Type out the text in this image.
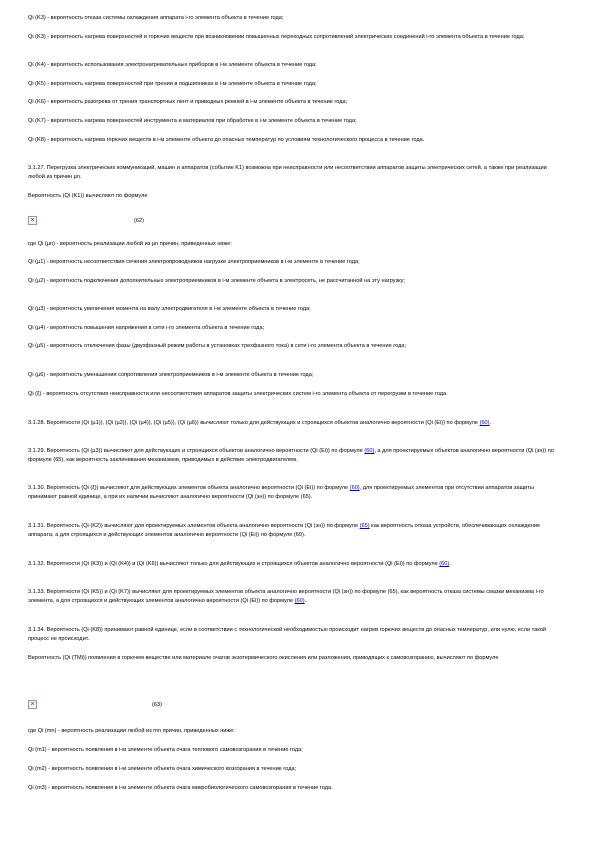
Qi (K3) - вероятность отказа системы охлаждения аппарата i-го элемента объекта в течение года;

Qi (K3) - вероятность нагрева поверхностей и горючих веществ при возникновении повышенных переходных сопротивлений электрических соединений i-го элемента объекта в течение года;

Qi (K4) - вероятность использования электронагревательных приборов в i-м элементе объекта в течение года;

Qi (K5) - вероятность нагрева поверхностей при трении в подшипниках в i-м элементе объекта в течение года;

Qi (K6) - вероятность разогрева от трения транспортных лент и приводных ремней в i-м элементе объекта в течение года;

Qi (K7) - вероятность нагрева поверхностей инструмента и материалов при обработке в i-м элементе объекта в течение года;

Qi (K8) - вероятность нагрева горючих веществ в i-м элементе объекта до опасных температур по условиям технологического процесса в течение года.

3.1.27. Перегрузка электрических коммуникаций, машин и аппаратов (событие K1) возможна при неисправности или несоответствии аппаратов защиты электрических сетей, а также при реализации любой из причин µn.

Вероятность (Qi (K1)) вычисляют по формуле

×	(62)

где Qi (µn) - вероятность реализации любой из µn причин, приведенных ниже:

Qi (µ1) - вероятность несоответствия сечения электропроводников нагрузке электроприемников в i-м элементе в течение года;

Qi (µ2) - вероятность подключения дополнительных электроприемников в i-м элементе объекта в электросеть, не рассчитанной на эту нагрузку;

Qi (µ3) - вероятность увеличения момента на валу электродвигателя в i-м элементе объекта в течение года;

Qi (µ4) - вероятность повышения напряжения в сети i-го элемента объекта в течение года;

Qi (µ5) - вероятность отключения фазы (двухфазный режим работы в установках трехфазного тока) в сети i-го элемента объекта в течение года;

Qi (µ6) - вероятность уменьшения сопротивления электроприемников в i-м элементе объекта в течение года;

Qi (ξ) - вероятность отсутствия неисправности или несоответствия аппаратов защиты электрических систем i-го элемента объекта от перегрузки в течение года.

3.1.28. Вероятности (Qi (µ1)), (Qi (µ2)), (Qi (µ4)), (Qi (µ5)), (Qi (µ6)) вычисляют только для действующих и строящихся объектов аналогично вероятности (Qi (Ei)) по формуле (60).

3.1.29. Вероятность (Qi (µ3)) вычисляют для действующих и строящихся объектов аналогично вероятности (Qi (Ei)) по формуле (60), а для проектируемых объектов аналогично вероятности (Qi (зн)) по формуле (65), как вероятность заклинивания механизмов, приводимых в действие электродвигателем.

3.1.30. Вероятность (Qi (ξ)) вычисляют для действующих элементов объекта аналогично вероятности (Qi (Ei)) по формуле (60), для проектируемых элементов при отсутствии аппаратов защиты принимают равной единице, а при их наличии вычисляют аналогично вероятности (Qi (зн)) по формуле (65).

3.1.31. Вероятность (Qi (K2)) вычисляют для проектируемых элементов объекта аналогично вероятности (Qi (зн)) по формуле (65) как вероятность отказа устройств, обеспечивающих охлаждение аппарата, а для строящихся и действующих элементов аналогично вероятности (Qi (Ei)) по формуле (60).

3.1.32. Вероятности (Qi (K3)) и (Qi (K4)) и (Qi (K6)) вычисляют только для действующих и строящихся объектов аналогично вероятности (Qi (Ei)) по формуле (60).

3.1.33. Вероятности (Qi (K5)) и (Qi (K7)) вычисляют для проектируемых элементов объекта аналогично вероятности (Qi (зн)) по формуле (65), как вероятность отказа системы смазки механизма i-го элемента, а для строящихся и действующих элементов аналогично вероятности (Qi (Ei)) по формуле (60).

3.1.34. Вероятность (Qi (K8)) принимают равной единице, если в соответствии с технологической необходимостью происходит нагрев горючих веществ до опасных температур, или нулю, если такой процесс не происходит.

Вероятность (Qi (TMi)) появления в горючем веществе или материале очагов экзотермического окисления или разложения, приводящих к самовозгоранию, вычисляют по формуле

×	(63)

где Qi (mn) - вероятность реализации любой из mn причин, приведенных ниже:

Qi (m1) - вероятность появления в i-м элементе объекта очага теплового самовозгорания в течение года;

Qi (m2) - вероятность появления в i-м элементе объекта очага химического возгорания в течение года;

Qi (m3) - вероятность появления в i-м элементе объекта очага микробиологического самовозгорания в течение года.
